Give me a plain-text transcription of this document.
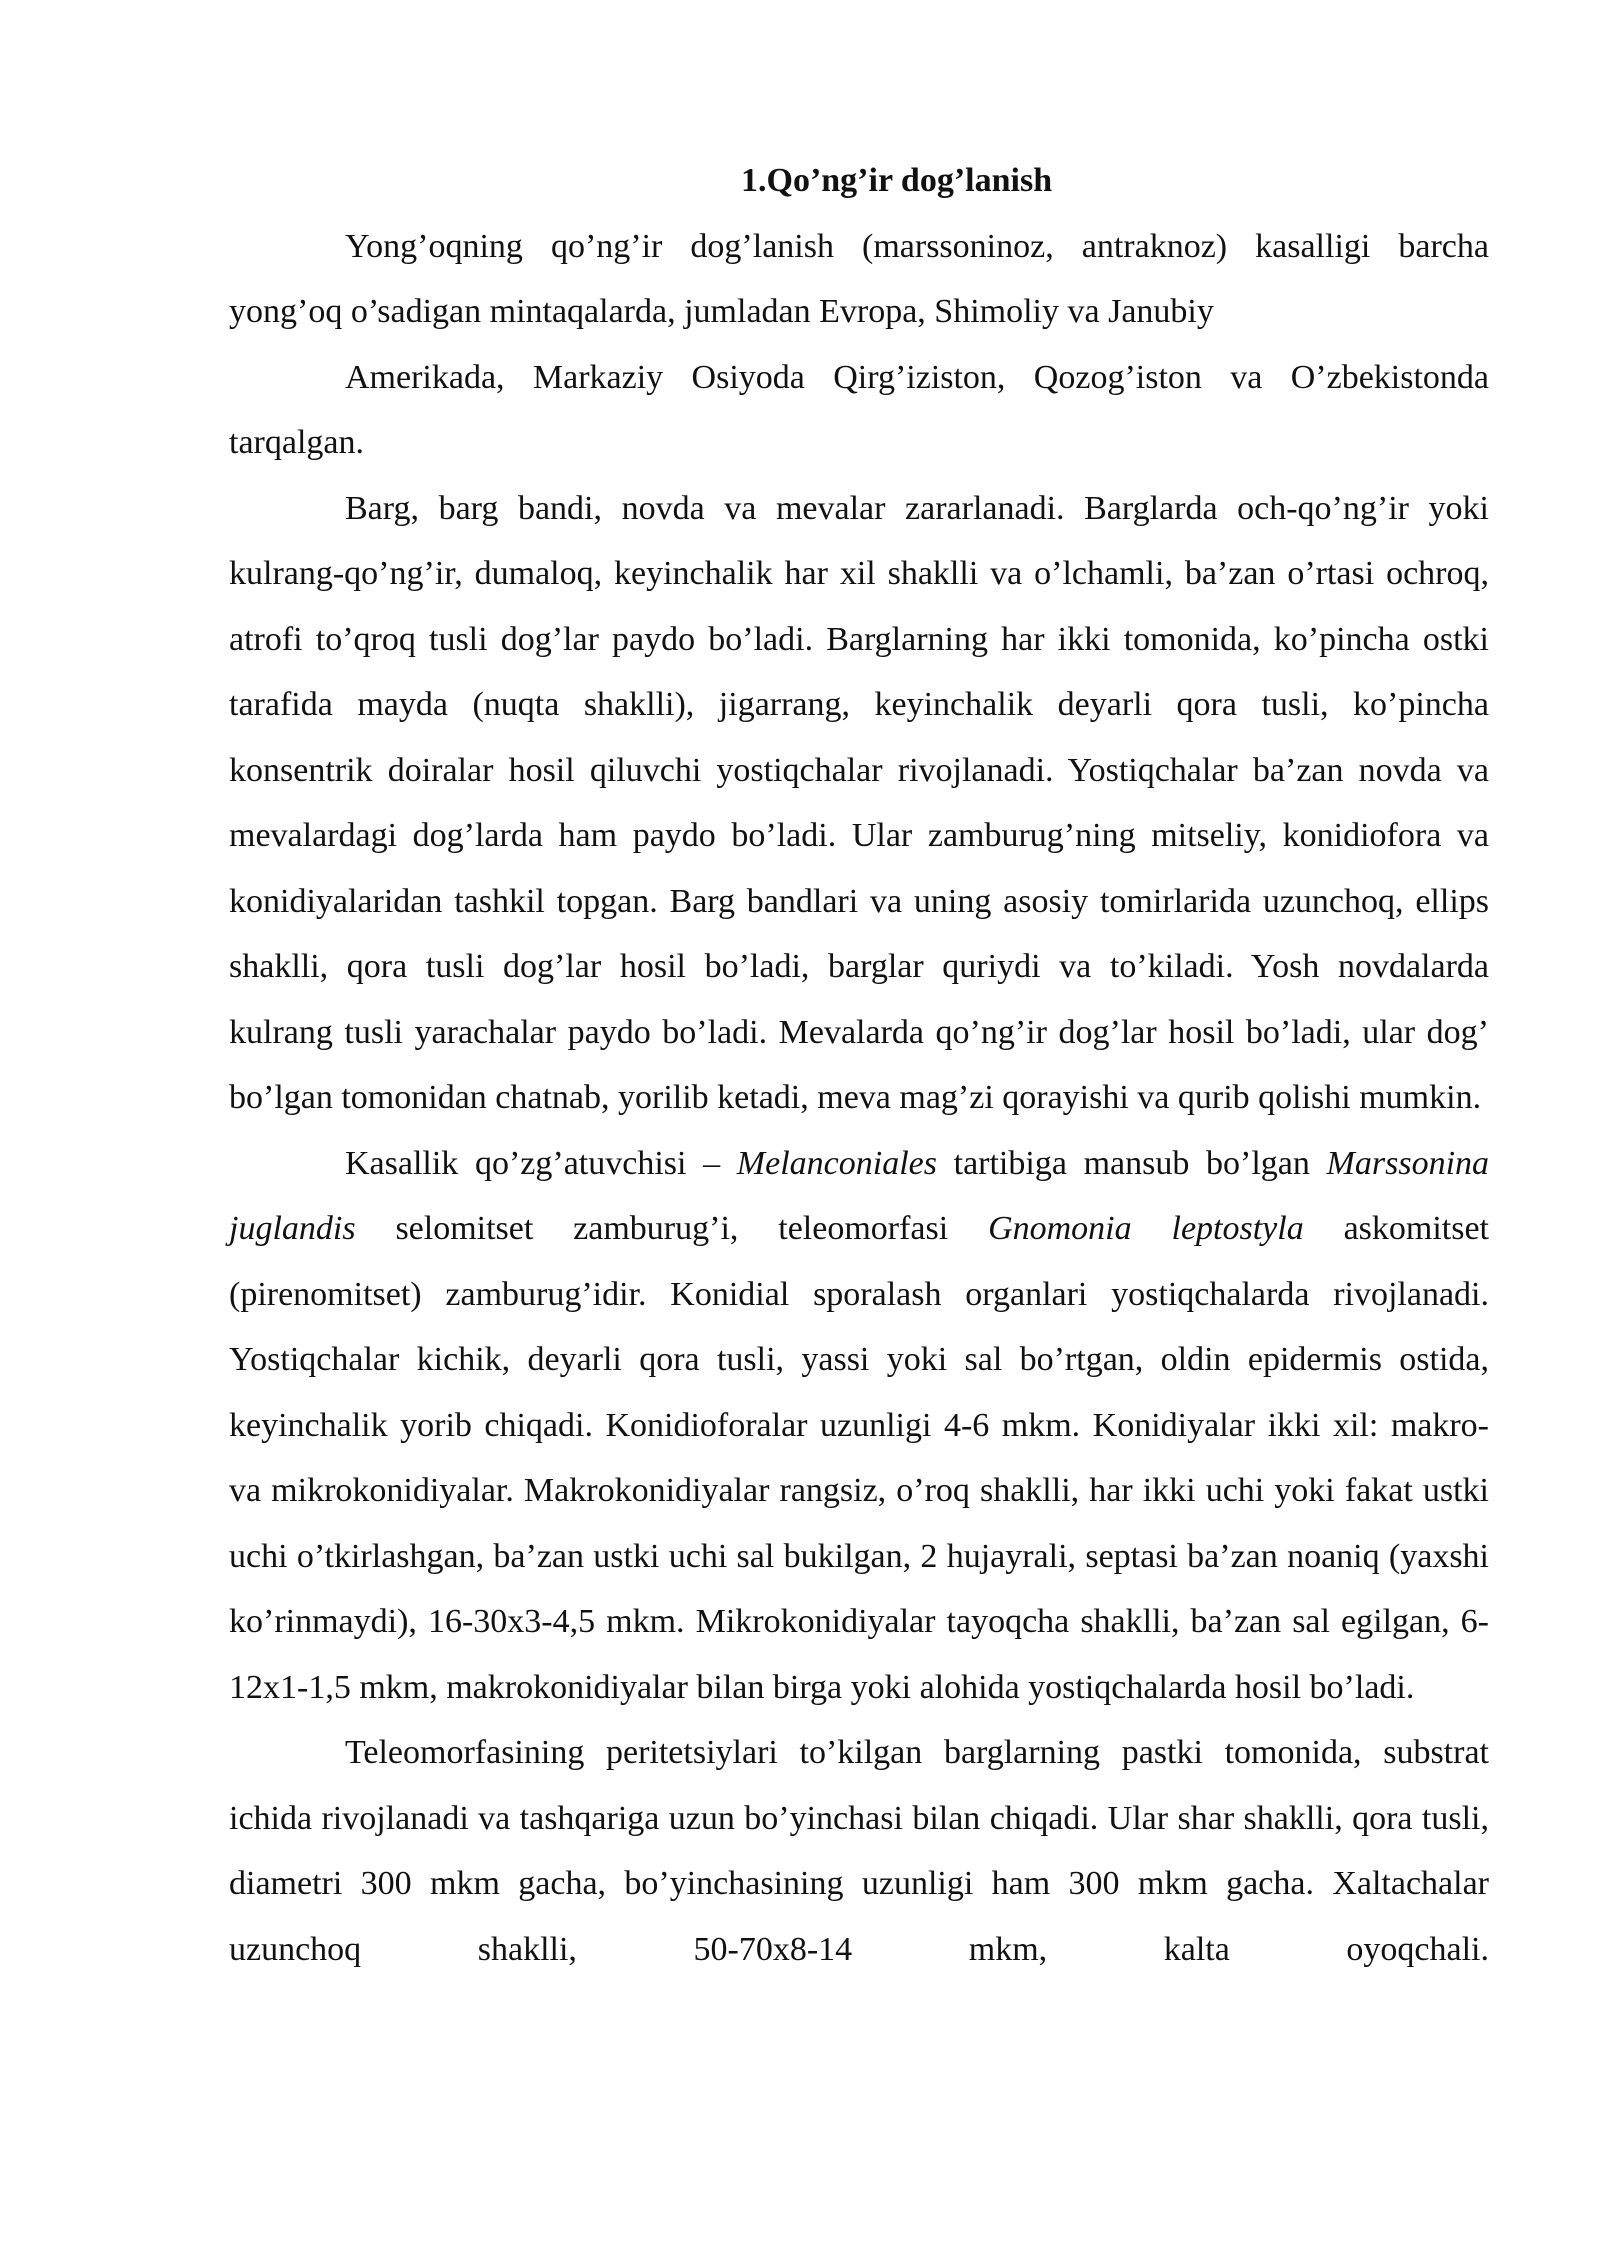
1.Qo’ng’ir dog’lanish

Yong’oqning qo’ng’ir dog’lanish (marssoninoz, antraknoz) kasalligi barcha yong’oq o’sadigan mintaqalarda, jumladan Evropa, Shimoliy va Janubiy

Amerikada, Markaziy Osiyoda Qirg’iziston, Qozog’iston va O’zbekistonda tarqalgan.

Barg, barg bandi, novda va mevalar zararlanadi. Barglarda och-qo’ng’ir yoki kulrang-qo’ng’ir, dumaloq, keyinchalik har xil shaklli va o’lchamli, ba’zan o’rtasi ochroq, atrofi to’qroq tusli dog’lar paydo bo’ladi. Barglarning har ikki tomonida, ko’pincha ostki tarafida mayda (nuqta shaklli), jigarrang, keyinchalik deyarli qora tusli, ko’pincha konsentrik doiralar hosil qiluvchi yostiqchalar rivojlanadi. Yostiqchalar ba’zan novda va mevalardagi dog’larda ham paydo bo’ladi. Ular zamburug’ning mitseliy, konidiofora va konidiyalaridan tashkil topgan. Barg bandlari va uning asosiy tomirlarida uzunchoq, ellips shaklli, qora tusli dog’lar hosil bo’ladi, barglar quriydi va to’kiladi. Yosh novdalarda kulrang tusli yarachalar paydo bo’ladi. Mevalarda qo’ng’ir dog’lar hosil bo’ladi, ular dog’ bo’lgan tomonidan chatnab, yorilib ketadi, meva mag’zi qorayishi va qurib qolishi mumkin.

Kasallik qo’zg’atuvchisi – Melanconiales tartibiga mansub bo’lgan Marssonina juglandis selomitset zamburug’i, teleomorfasi Gnomonia leptostyla askomitset (pirenomitset) zamburug’idir. Konidial sporalash organlari yostiqchalarda rivojlanadi. Yostiqchalar kichik, deyarli qora tusli, yassi yoki sal bo’rtgan, oldin epidermis ostida, keyinchalik yorib chiqadi. Konidioforalar uzunligi 4-6 mkm. Konidiyalar ikki xil: makro- va mikrokonidiyalar. Makrokonidiyalar rangsiz, o’roq shaklli, har ikki uchi yoki fakat ustki uchi o’tkirlashgan, ba’zan ustki uchi sal bukilgan, 2 hujayrali, septasi ba’zan noaniq (yaxshi ko’rinmaydi), 16-30x3-4,5 mkm. Mikrokonidiyalar tayoqcha shaklli, ba’zan sal egilgan, 6-12x1-1,5 mkm, makrokonidiyalar bilan birga yoki alohida yostiqchalarda hosil bo’ladi.

Teleomorfasining peritetsiylari to’kilgan barglarning pastki tomonida, substrat ichida rivojlanadi va tashqariga uzun bo’yinchasi bilan chiqadi. Ular shar shaklli, qora tusli, diametri 300 mkm gacha, bo’yinchasining uzunligi ham 300 mkm gacha. Xaltachalar uzunchoq shaklli, 50-70x8-14 mkm, kalta oyoqchali.
